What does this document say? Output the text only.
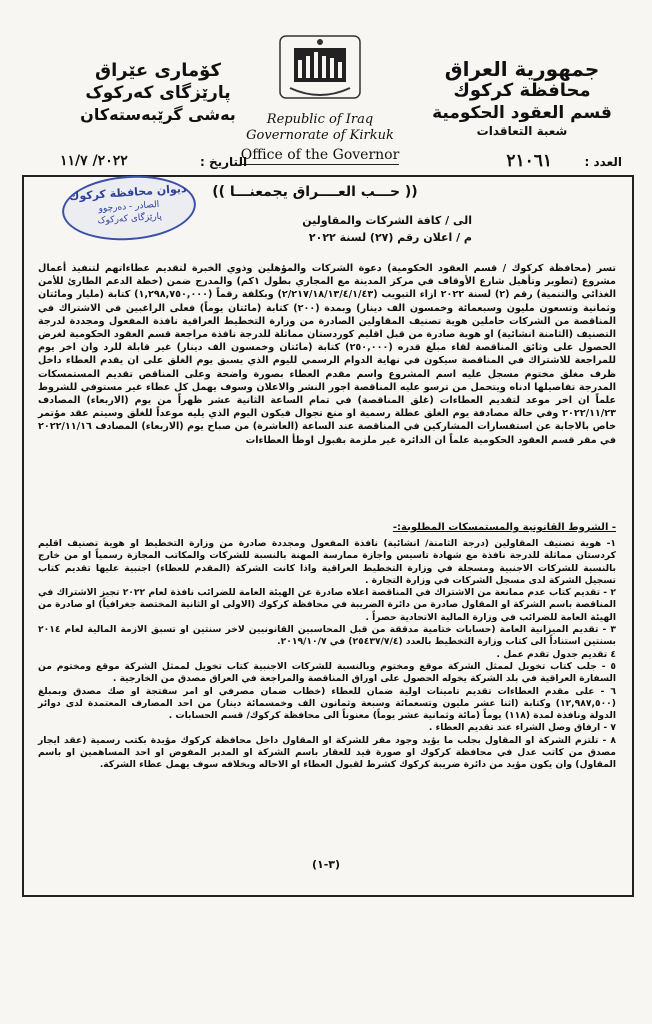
جمهورية العراق
محافظة كركوك
قسم العقود الحكومية
شعبة التعاقدات
Republic of Iraq
Governorate of Kirkuk
Office of the Governor
کۆماری عێراق
پارێزگای کەرکوک
بەشی گرێبەستەکان
العدد :
٢١٠٦١
التاريخ :
٢٠٢٢/ ١١/٧
ديوان محافظة كركوك
الصادر - دەرچوو
پارێزگای کەرکوک
(( حـــب العــــراق يجمعنـــا ))
الى / كافة الشركات والمقاولين
م / اعلان رقم (٢٧) لسنة ٢٠٢٢

تسر (محافظة كركوك / قسم العقود الحكومية) دعوة الشركات والمؤهلين وذوي الخبرة لتقديم عطاءاتهم لتنفيذ أعمال مشروع (تطوير وتأهيل شارع الأوقاف في مركز المدينة مع المجاري بطول ١كم) والمدرج ضمن (خطة الدعم الطارئ للأمن الغذائي والتنمية) رقم (٢) لسنة ٢٠٢٢ ازاء التبويب (٢/٢١٧/١٨/١٣/٤/١/٤٣) وبكلفة رقماً (١,٢٩٨,٧٥٠,٠٠٠) كتابة (مليار ومائتان وثمانية وتسعون مليون وسبعمائة وخمسون الف دينار) وبمدة (٢٠٠) كتابة (مائتان يوماً) فعلى الراغبين في الاشتراك في المناقصة من الشركات حاملين هوية تصنيف المقاولين الصادرة من وزارة التخطيط العراقية نافذة المفعول ومجددة لدرجة التصنيف (الثامنة انشائية) او هوية صادرة من قبل اقليم كوردستان مماثلة للدرجة نافذة مراجعة قسم العقود الحكومية لغرض الحصول على وثائق المناقصة لقاء مبلغ قدره (٢٥٠,٠٠٠) كتابة (مائتان وخمسون الف دينار) غير قابلة للرد وان اخر يوم للمراجعة للاشتراك في المناقصة سيكون في نهاية الدوام الرسمي لليوم الذي يسبق يوم الغلق على ان يقدم العطاء داخل ظرف مغلق مختوم مسجل عليه اسم المشروع واسم مقدم العطاء بصورة واضحة وعلى المناقص تقديم المستمسكات المدرجة تفاصيلها ادناه ويتحمل من ترسو عليه المناقصة اجور النشر والاعلان وسوف يهمل كل عطاء غير مستوفي للشروط علماً ان اخر موعد لتقديم العطاءات (غلق المناقصة) في تمام الساعة الثانية عشر ظهراً من يوم (الاربعاء) المصادف ٢٠٢٢/١١/٢٣ وفي حالة مصادفة يوم الغلق عطلة رسمية او منع تجوال فيكون اليوم الذي يليه موعداً للغلق وسيتم عقد مؤتمر خاص بالاجابة عن استفسارات المشاركين في المناقصة عند الساعة (العاشرة) من صباح يوم (الاربعاء) المصادف ٢٠٢٢/١١/١٦ في مقر قسم العقود الحكومية علماً ان الدائرة غير ملزمة بقبول اوطأ العطاءات

- الشروط القانونية والمستمسكات المطلوبة:-

١- هوية تصنيف المقاولين (درجة الثامنة/ انشائية) نافذة المفعول ومجددة صادرة من وزارة التخطيط او هوية تصنيف اقليم كردستان مماثلة للدرجة نافذة مع شهادة تاسيس واجازة ممارسة المهنة بالنسبة للشركات والمكاتب المجازة رسمياً او من خارج بالنسبة للشركات الاجنبية ومسجلة في وزارة التخطيط العراقية واذا كانت الشركة (المقدم للعطاء) اجنبية عليها تقديم كتاب تسجيل الشركة لدى مسجل الشركات في وزارة التجارة .

٢ - تقديم كتاب عدم ممانعة من الاشتراك في المناقصة اعلاه صادرة عن الهيئة العامة للضرائب نافذة لعام ٢٠٢٢ تجيز الاشتراك في المناقصة باسم الشركة او المقاول صادرة من دائرة الضريبة في محافظة كركوك (الاولى او الثانية المختصة جغرافياً) او صادرة من الهيئة العامة للضرائب في وزارة المالية الاتحادية حصراً .

٣ - تقديم الميزانية العامة (حسابات ختامية مدققة من قبل المحاسبين القانونيين لاخر سنتين او تسبق الازمة المالية لعام ٢٠١٤ بسنتين استناداً الى كتاب وزارة التخطيط بالعدد (٢٥٤٣٧/٧/٤) في ٢٠١٩/١٠/٧.

٤ تقديم جدول تقدم عمل .

٥ - جلب كتاب تخويل لممثل الشركة موقع ومختوم وبالنسبة للشركات الاجنبية كتاب تخويل لممثل الشركة موقع ومختوم من السفارة العراقية في بلد الشركة يخوله الحصول على اوراق المناقصة والمراجعة في العراق مصدق من الخارجية .

٦ - على مقدم العطاءات تقديم تامينات اولية ضمان للعطاء (خطاب ضمان مصرفي او امر سفتجة او صك مصدق وبمبلغ (١٢,٩٨٧,٥٠٠) وكتابة (اثنا عشر مليون وتسعمائة وسبعة وثمانون الف وخمسمائة دينار) من احد المصارف المعتمدة لدى دوائر الدولة ونافذة لمدة (١١٨) يوماً (مائة وثمانية عشر يوماً) معنوناً الى محافظة كركوك/ قسم الحسابات .

٧ - ارفاق وصل الشراء عند تقديم العطاء .

٨ - تلتزم الشركة او المقاول بجلب ما يؤيد وجود مقر للشركة او المقاول داخل محافظة كركوك مؤيدة بكتب رسمية (عقد ايجار مصدق من كاتب عدل في محافظة كركوك او صورة قيد للعقار باسم الشركة او المدير المفوض او احد المساهمين او باسم المقاول) وان يكون مؤيد من دائرة ضريبة كركوك كشرط لقبول العطاء او الاحاله وبخلافه سوف يهمل عطاء الشركة.

(٣-١)
